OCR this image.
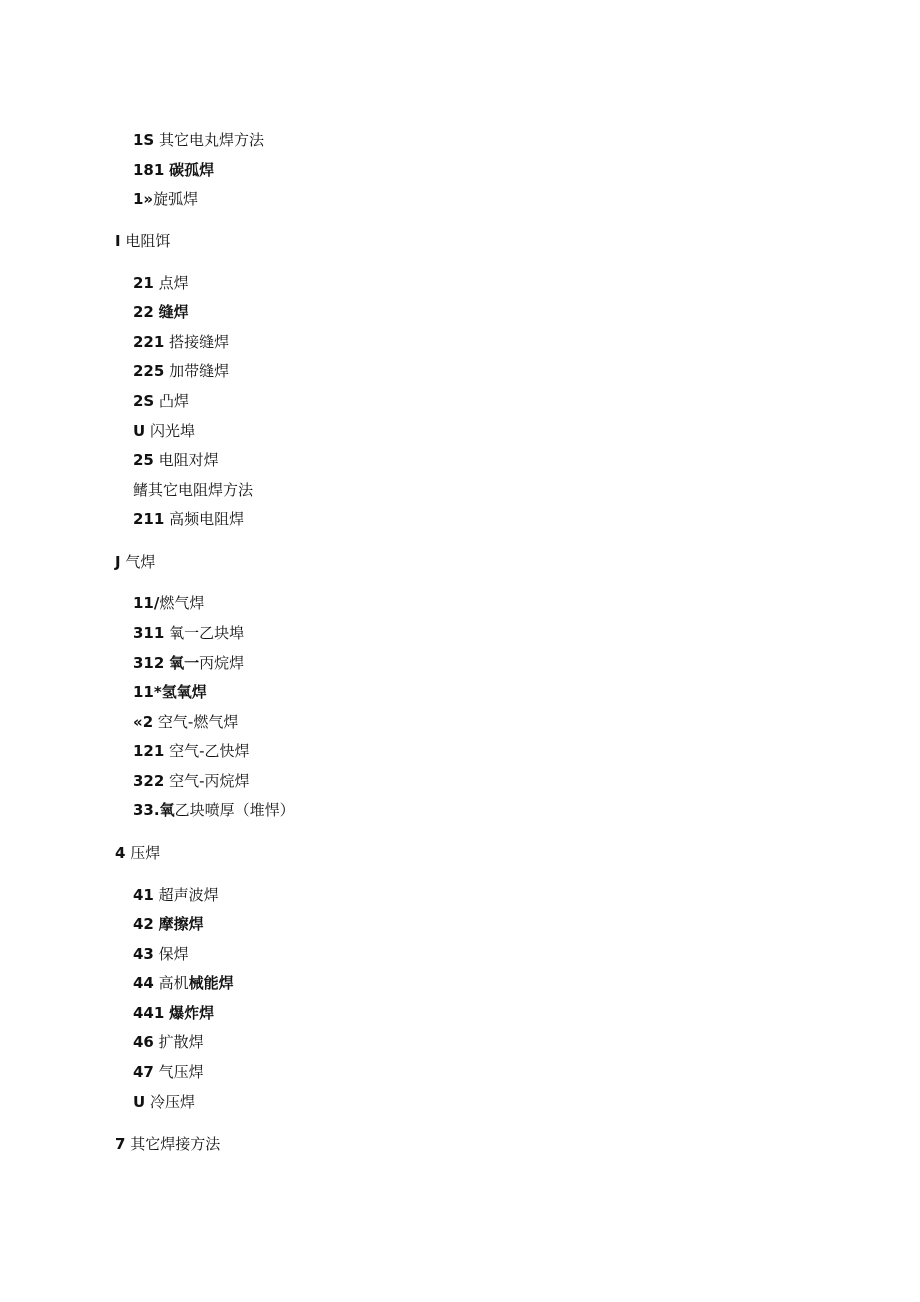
1S 其它电丸焊方法
181 碳孤焊
1»旋弧焊
I 电阻饵
21 点焊
22 缝焊
221 搭接缝焊
225 加带缝焊
2S 凸焊
U 闪光埠
25 电阻对焊
鳍其它电阻焊方法
211 高频电阻焊
J 气焊
11/燃气焊
311 氧一乙块埠
312 氧一丙烷焊
11*氢氧焊
«2 空气-燃气焊
121 空气-乙快焊
322 空气-丙烷焊
33.氧乙块喷厚（堆悍）
4 压焊
41 超声波焊
42 摩擦焊
43 保焊
44 高机械能焊
441 爆炸焊
46 扩散焊
47 气压焊
U 冷压焊
7 其它焊接方法
